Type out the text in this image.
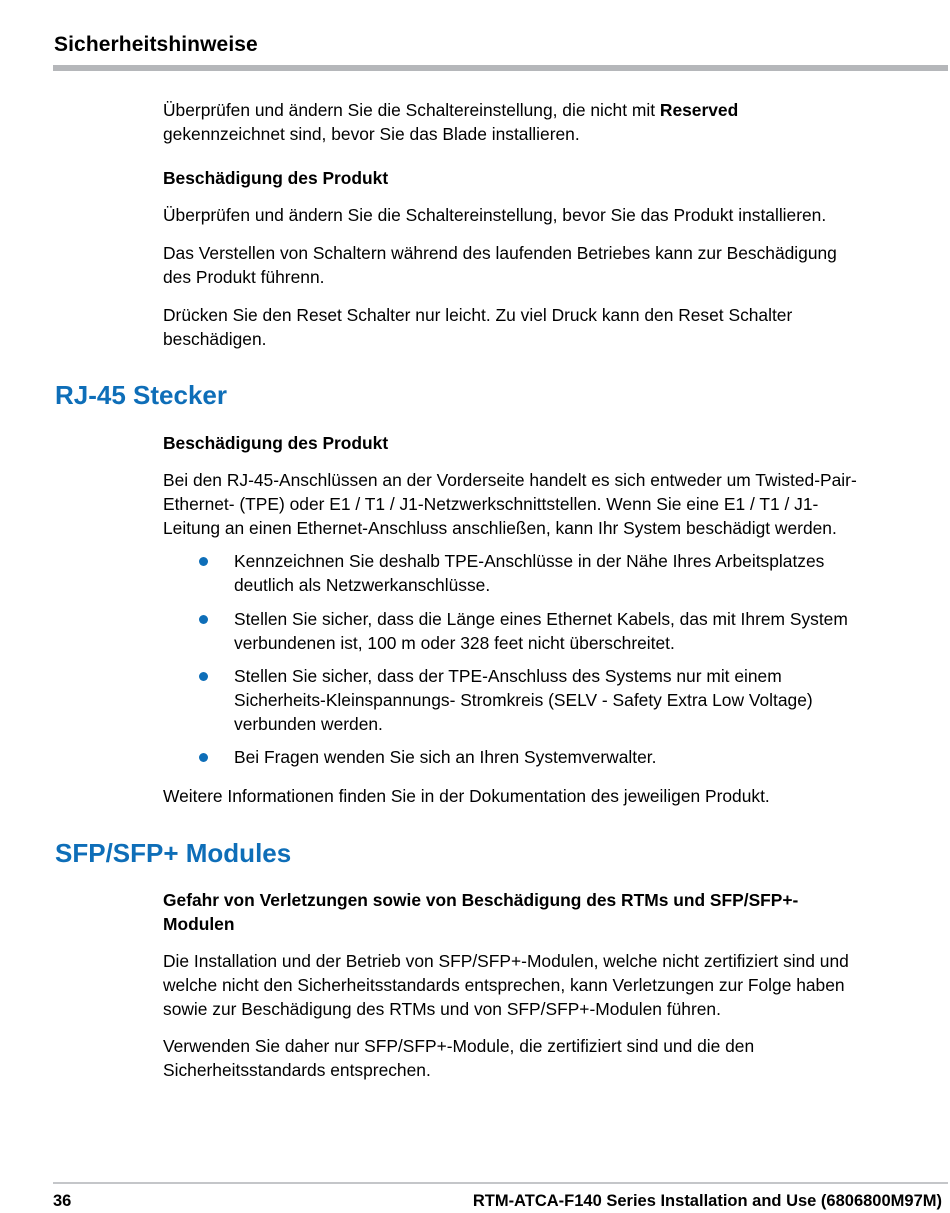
Sicherheitshinweise
Überprüfen und ändern Sie die Schaltereinstellung, die nicht mit Reserved
gekennzeichnet sind, bevor Sie das Blade installieren.
Beschädigung des Produkt
Überprüfen und ändern Sie die Schaltereinstellung, bevor Sie das Produkt installieren.
Das Verstellen von Schaltern während des laufenden Betriebes kann zur Beschädigung
des Produkt führenn.
Drücken Sie den Reset Schalter nur leicht. Zu viel Druck kann den Reset Schalter
beschädigen.
RJ-45 Stecker
Beschädigung des Produkt
Bei den RJ-45-Anschlüssen an der Vorderseite handelt es sich entweder um Twisted-Pair-
Ethernet- (TPE) oder E1 / T1 / J1-Netzwerkschnittstellen. Wenn Sie eine E1 / T1 / J1-
Leitung an einen Ethernet-Anschluss anschließen, kann Ihr System beschädigt werden.
Kennzeichnen Sie deshalb TPE-Anschlüsse in der Nähe Ihres Arbeitsplatzes
deutlich als Netzwerkanschlüsse.
Stellen Sie sicher, dass die Länge eines Ethernet Kabels, das mit Ihrem System
verbundenen ist, 100 m oder 328 feet nicht überschreitet.
Stellen Sie sicher, dass der TPE-Anschluss des Systems nur mit einem
Sicherheits-Kleinspannungs- Stromkreis (SELV - Safety Extra Low Voltage)
verbunden werden.
Bei Fragen wenden Sie sich an Ihren Systemverwalter.
Weitere Informationen finden Sie in der Dokumentation des jeweiligen Produkt.
SFP/SFP+ Modules
Gefahr von Verletzungen sowie von Beschädigung des RTMs und SFP/SFP+-
Modulen
Die Installation und der Betrieb von SFP/SFP+-Modulen, welche nicht zertifiziert sind und
welche nicht den Sicherheitsstandards entsprechen, kann Verletzungen zur Folge haben
sowie zur Beschädigung des RTMs und von SFP/SFP+-Modulen führen.
Verwenden Sie daher nur SFP/SFP+-Module, die zertifiziert sind und die den
Sicherheitsstandards entsprechen.
36	RTM-ATCA-F140 Series Installation and Use (6806800M97M)
